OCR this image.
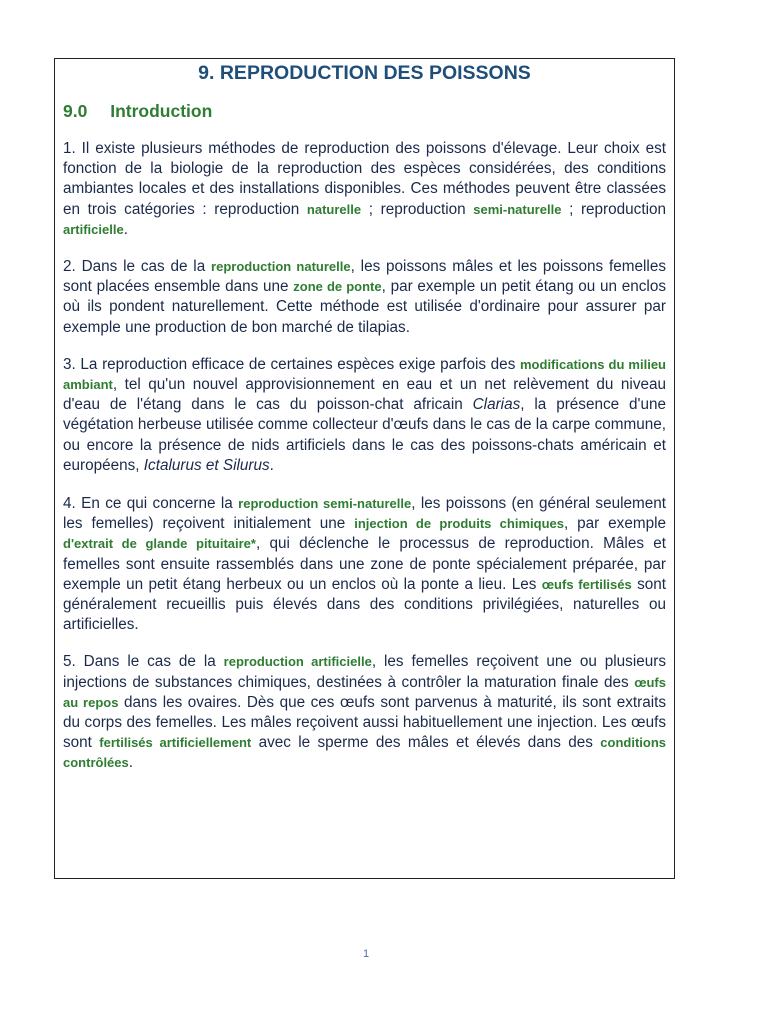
9. REPRODUCTION DES POISSONS
9.0 Introduction

1. Il existe plusieurs méthodes de reproduction des poissons d'élevage. Leur choix est fonction de la biologie de la reproduction des espèces considérées, des conditions ambiantes locales et des installations disponibles. Ces méthodes peuvent être classées en trois catégories : reproduction naturelle ; reproduction semi-naturelle ; reproduction artificielle.

2. Dans le cas de la reproduction naturelle, les poissons mâles et les poissons femelles sont placées ensemble dans une zone de ponte, par exemple un petit étang ou un enclos où ils pondent naturellement. Cette méthode est utilisée d'ordinaire pour assurer par exemple une production de bon marché de tilapias.

3. La reproduction efficace de certaines espèces exige parfois des modifications du milieu ambiant, tel qu'un nouvel approvisionnement en eau et un net relèvement du niveau d'eau de l'étang dans le cas du poisson-chat africain Clarias, la présence d'une végétation herbeuse utilisée comme collecteur d'œufs dans le cas de la carpe commune, ou encore la présence de nids artificiels dans le cas des poissons-chats américain et européens, Ictalurus et Silurus.

4. En ce qui concerne la reproduction semi-naturelle, les poissons (en général seulement les femelles) reçoivent initialement une injection de produits chimiques, par exemple d'extrait de glande pituitaire*, qui déclenche le processus de reproduction. Mâles et femelles sont ensuite rassemblés dans une zone de ponte spécialement préparée, par exemple un petit étang herbeux ou un enclos où la ponte a lieu. Les œufs fertilisés sont généralement recueillis puis élevés dans des conditions privilégiées, naturelles ou artificielles.

5. Dans le cas de la reproduction artificielle, les femelles reçoivent une ou plusieurs injections de substances chimiques, destinées à contrôler la maturation finale des œufs au repos dans les ovaires. Dès que ces œufs sont parvenus à maturité, ils sont extraits du corps des femelles. Les mâles reçoivent aussi habituellement une injection. Les œufs sont fertilisés artificiellement avec le sperme des mâles et élevés dans des conditions contrôlées.

1
